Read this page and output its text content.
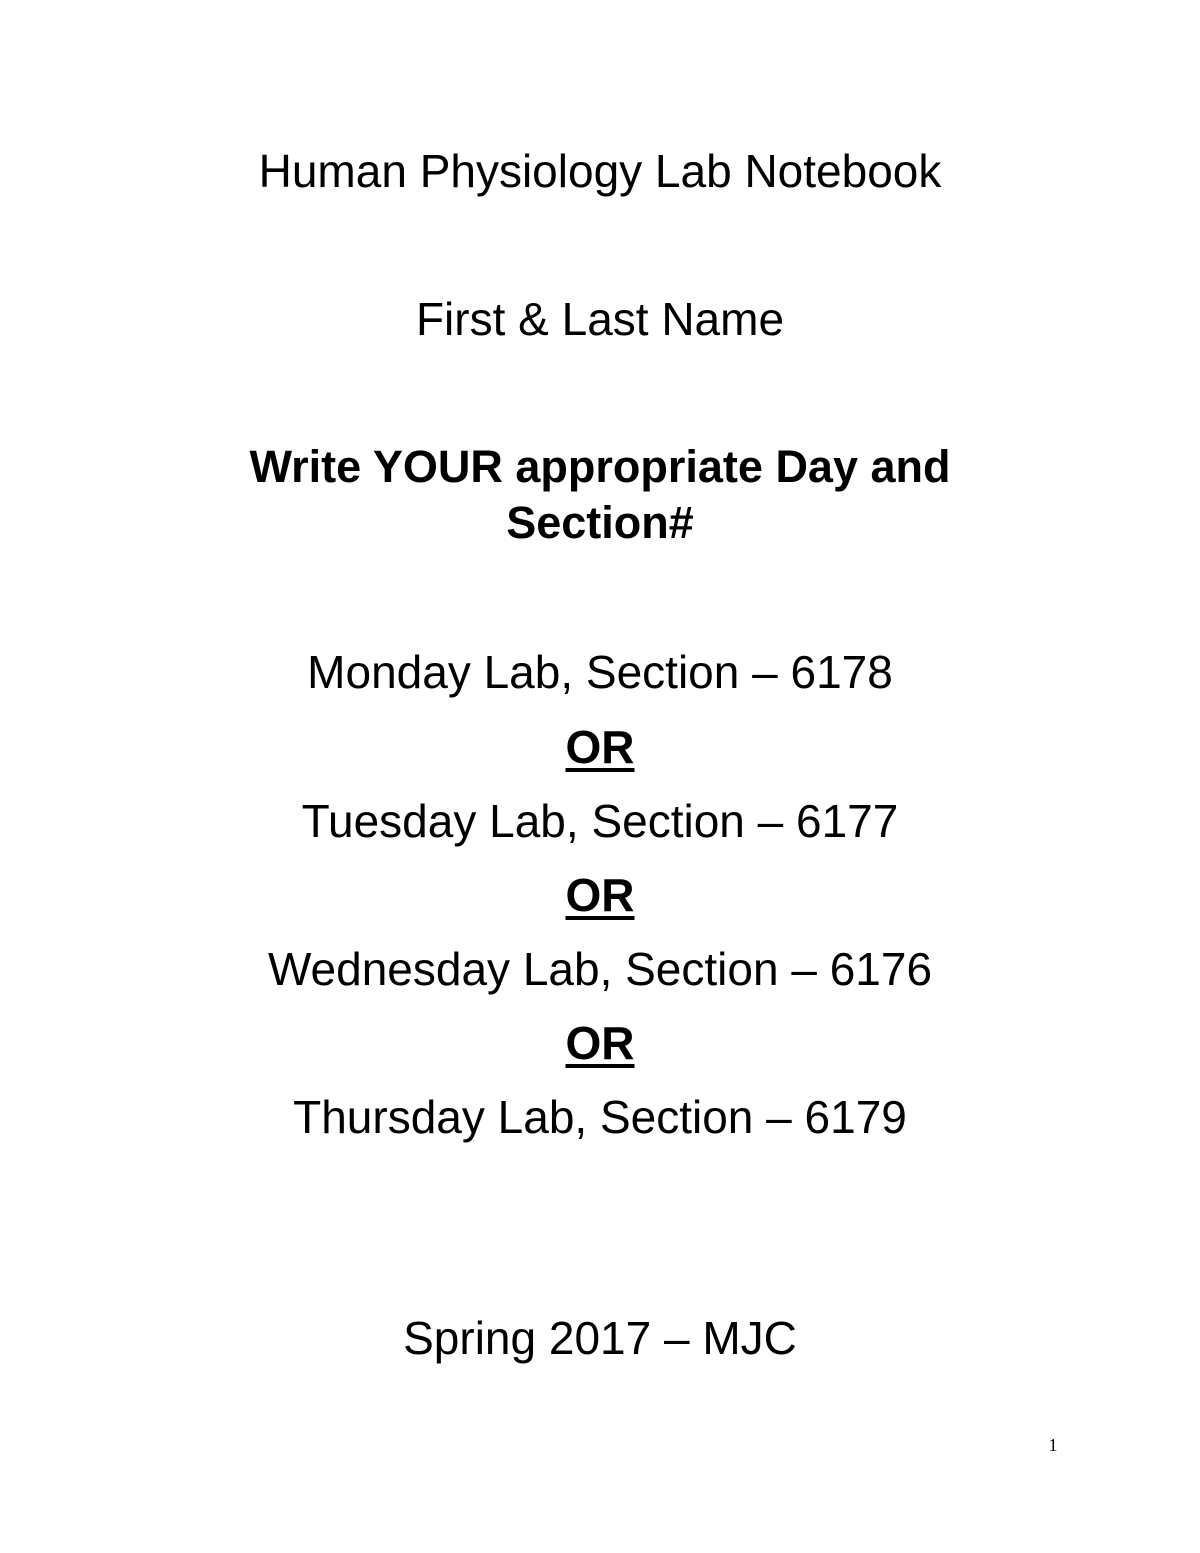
Human Physiology Lab Notebook
First & Last Name
Write YOUR appropriate Day and
Section#
Monday Lab, Section – 6178
OR
Tuesday Lab, Section – 6177
OR
Wednesday Lab, Section – 6176
OR
Thursday Lab, Section – 6179
Spring 2017 – MJC
1
